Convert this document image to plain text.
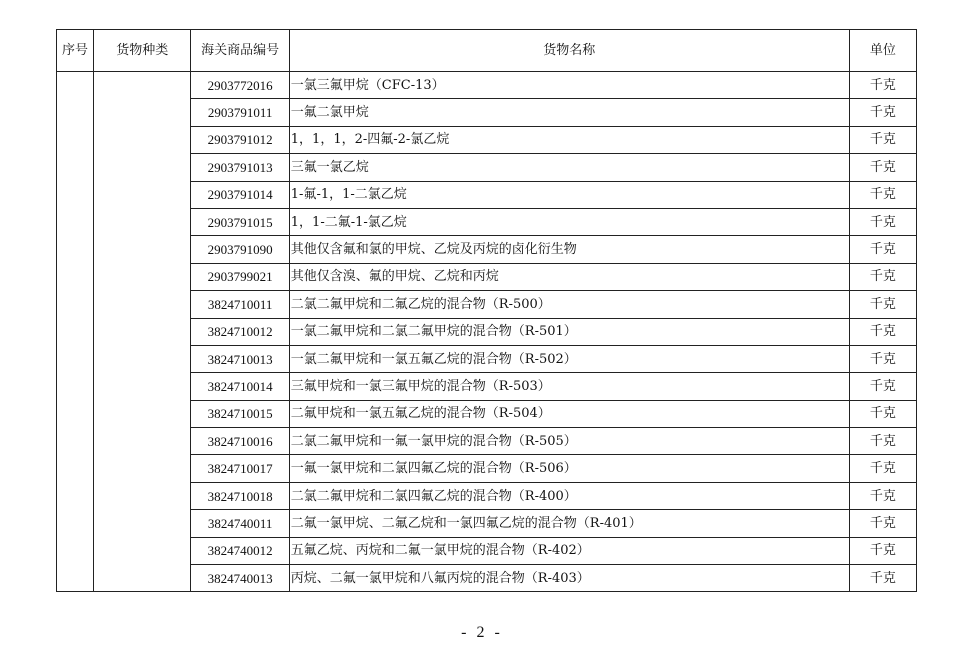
序号	货物种类	海关商品编号	货物名称	单位
		2903772016	一氯三氟甲烷（CFC-13）	千克
		2903791011	一氟二氯甲烷	千克
		2903791012	1，1，1，2-四氟-2-氯乙烷	千克
		2903791013	三氟一氯乙烷	千克
		2903791014	1-氟-1，1-二氯乙烷	千克
		2903791015	1，1-二氟-1-氯乙烷	千克
		2903791090	其他仅含氟和氯的甲烷、乙烷及丙烷的卤化衍生物	千克
		2903799021	其他仅含溴、氟的甲烷、乙烷和丙烷	千克
		3824710011	二氯二氟甲烷和二氟乙烷的混合物（R-500）	千克
		3824710012	一氯二氟甲烷和二氯二氟甲烷的混合物（R-501）	千克
		3824710013	一氯二氟甲烷和一氯五氟乙烷的混合物（R-502）	千克
		3824710014	三氟甲烷和一氯三氟甲烷的混合物（R-503）	千克
		3824710015	二氟甲烷和一氯五氟乙烷的混合物（R-504）	千克
		3824710016	二氯二氟甲烷和一氟一氯甲烷的混合物（R-505）	千克
		3824710017	一氟一氯甲烷和二氯四氟乙烷的混合物（R-506）	千克
		3824710018	二氯二氟甲烷和二氯四氟乙烷的混合物（R-400）	千克
		3824740011	二氟一氯甲烷、二氟乙烷和一氯四氟乙烷的混合物（R-401）	千克
		3824740012	五氟乙烷、丙烷和二氟一氯甲烷的混合物（R-402）	千克
		3824740013	丙烷、二氟一氯甲烷和八氟丙烷的混合物（R-403）	千克
- 2 -
